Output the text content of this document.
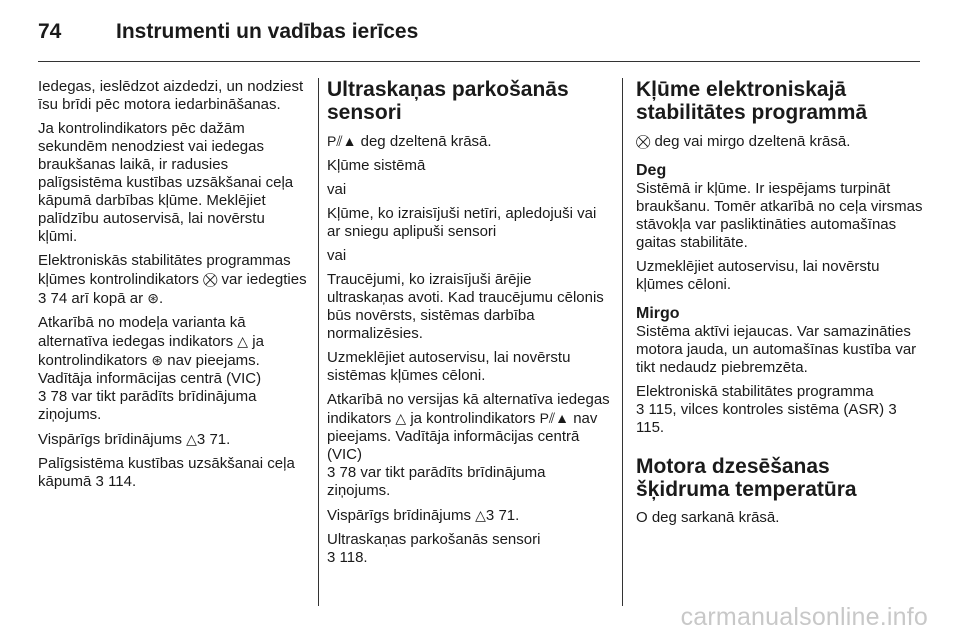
74	Instrumenti un vadības ierīces

Iedegas, ieslēdzot aizdedzi, un nodziest īsu brīdi pēc motora iedarbināšanas.

Ja kontrolindikators pēc dažām sekundēm nenodziest vai iedegas braukšanas laikā, ir radusies palīgsistēma kustības uzsākšanai ceļa kāpumā darbības kļūme. Meklējiet palīdzību autoservisā, lai novērstu kļūmi.

Elektroniskās stabilitātes programmas kļūmes kontrolindikators ⛒ var iedegties
3 74 arī kopā ar ⊛.

Atkarībā no modeļa varianta kā alternatīva iedegas indikators △ ja kontrolindikators ⊛ nav pieejams. Vadītāja informācijas centrā (VIC)
3 78 var tikt parādīts brīdinājuma ziņojums.

Vispārīgs brīdinājums △3 71.

Palīgsistēma kustības uzsākšanai ceļa kāpumā 3 114.

Ultraskaņas parkošanās sensori

P⫽▲ deg dzeltenā krāsā.

Kļūme sistēmā

vai

Kļūme, ko izraisījuši netīri, apledojuši vai ar sniegu aplipuši sensori

vai

Traucējumi, ko izraisījuši ārējie ultraskaņas avoti. Kad traucējumu cēlonis būs novērsts, sistēmas darbība normalizēsies.

Uzmeklējiet autoservisu, lai novērstu sistēmas kļūmes cēloni.

Atkarībā no versijas kā alternatīva iedegas indikators △ ja kontrolindikators P⫽▲ nav pieejams. Vadītāja informācijas centrā (VIC)
3 78 var tikt parādīts brīdinājuma ziņojums.

Vispārīgs brīdinājums △3 71.

Ultraskaņas parkošanās sensori
3 118.

Kļūme elektroniskajā stabilitātes programmā

⛒ deg vai mirgo dzeltenā krāsā.

Deg

Sistēmā ir kļūme. Ir iespējams turpināt braukšanu. Tomēr atkarībā no ceļa virsmas stāvokļa var pasliktināties automašīnas gaitas stabilitāte.

Uzmeklējiet autoservisu, lai novērstu kļūmes cēloni.

Mirgo

Sistēma aktīvi iejaucas. Var samazināties motora jauda, un automašīnas kustība var tikt nedaudz piebremzēta.

Elektroniskā stabilitātes programma
3 115, vilces kontroles sistēma (ASR) 3 115.

Motora dzesēšanas šķidruma temperatūra

O deg sarkanā krāsā.

carmanualsonline.info
